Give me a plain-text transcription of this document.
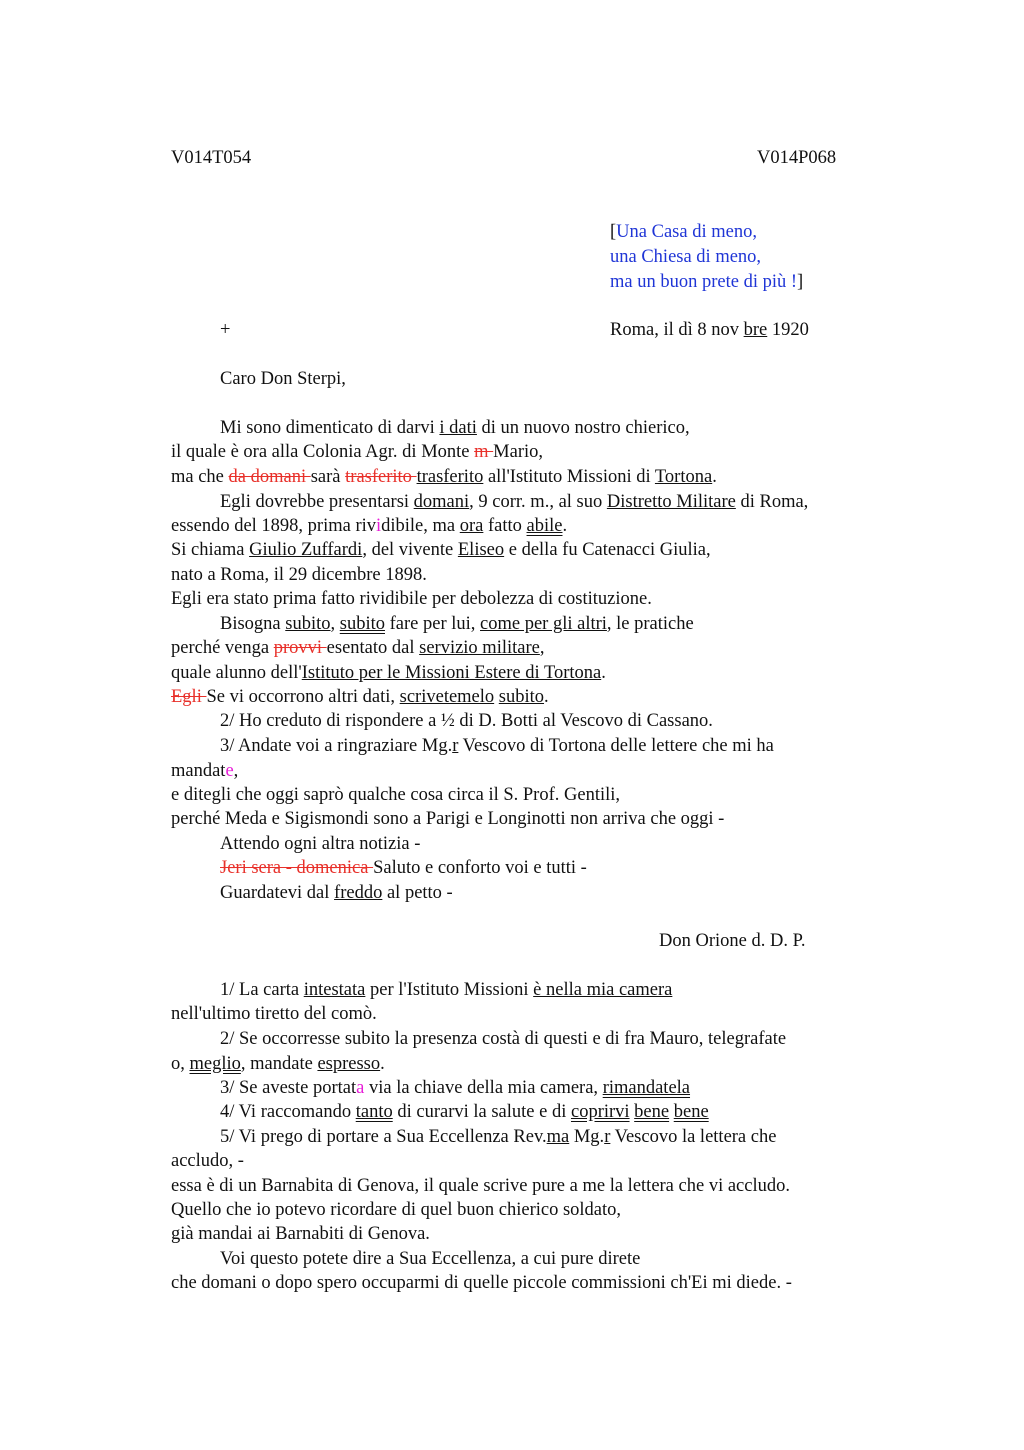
V014T054	V014P068
[Una Casa di meno,
una Chiesa di meno,
ma un buon prete di più !]
+	Roma, il dì 8 nov bre 1920
Caro Don Sterpi,
Mi sono dimenticato di darvi i dati di un nuovo nostro chierico,
il quale è ora alla Colonia Agr. di Monte m Mario,
ma che da domani sarà trasferito trasferito all'Istituto Missioni di Tortona.
Egli dovrebbe presentarsi domani, 9 corr. m., al suo Distretto Militare di Roma,
essendo del 1898, prima rividibile, ma ora fatto abile.
Si chiama Giulio Zuffardi, del vivente Eliseo e della fu Catenacci Giulia,
nato a Roma, il 29 dicembre 1898.
Egli era stato prima fatto rividibile per debolezza di costituzione.
Bisogna subito, subito fare per lui, come per gli altri, le pratiche
perché venga provvi esentato dal servizio militare,
quale alunno dell'Istituto per le Missioni Estere di Tortona.
Egli Se vi occorrono altri dati, scrivetemelo subito.
2/ Ho creduto di rispondere a ½ di D. Botti al Vescovo di Cassano.
3/ Andate voi a ringraziare Mg.r Vescovo di Tortona delle lettere che mi ha
mandate,
e ditegli che oggi saprò qualche cosa circa il S. Prof. Gentili,
perché Meda e Sigismondi sono a Parigi e Longinotti non arriva che oggi -
Attendo ogni altra notizia -
Jeri sera - domenica Saluto e conforto voi e tutti -
Guardatevi dal freddo al petto -
Don Orione d. D. P.
1/ La carta intestata per l'Istituto Missioni è nella mia camera
nell'ultimo tiretto del comò.
2/ Se occorresse subito la presenza costà di questi e di fra Mauro, telegrafate
o, meglio, mandate espresso.
3/ Se aveste portata via la chiave della mia camera, rimandatela
4/ Vi raccomando tanto di curarvi la salute e di coprirvi bene bene
5/ Vi prego di portare a Sua Eccellenza Rev.ma Mg.r Vescovo la lettera che
accludo, -
essa è di un Barnabita di Genova, il quale scrive pure a me la lettera che vi accludo.
Quello che io potevo ricordare di quel buon chierico soldato,
già mandai ai Barnabiti di Genova.
Voi questo potete dire a Sua Eccellenza, a cui pure direte
che domani o dopo spero occuparmi di quelle piccole commissioni ch'Ei mi diede. -
